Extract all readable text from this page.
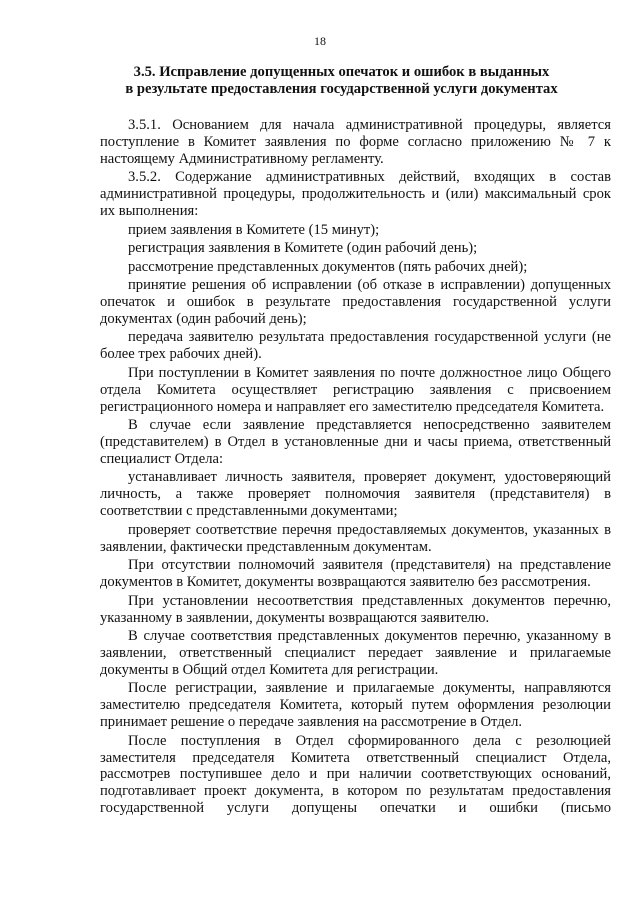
18
3.5. Исправление допущенных опечаток и ошибок в выданных
в результате предоставления государственной услуги документах

3.5.1. Основанием для начала административной процедуры, является поступление в Комитет заявления по форме согласно приложению № 7 к настоящему Административному регламенту.

3.5.2. Содержание административных действий, входящих в состав административной процедуры, продолжительность и (или) максимальный срок их выполнения:

прием заявления в Комитете (15 минут);

регистрация заявления в Комитете (один рабочий день);

рассмотрение представленных документов (пять рабочих дней);

принятие решения об исправлении (об отказе в исправлении) допущенных опечаток и ошибок в результате предоставления государственной услуги документах (один рабочий день);

передача заявителю результата предоставления государственной услуги (не более трех рабочих дней).

При поступлении в Комитет заявления по почте должностное лицо Общего отдела Комитета осуществляет регистрацию заявления с присвоением регистрационного номера и направляет его заместителю председателя Комитета.

В случае если заявление представляется непосредственно заявителем (представителем) в Отдел в установленные дни и часы приема, ответственный специалист Отдела:

устанавливает личность заявителя, проверяет документ, удостоверяющий личность, а также проверяет полномочия заявителя (представителя) в соответствии с представленными документами;

проверяет соответствие перечня предоставляемых документов, указанных в заявлении, фактически представленным документам.

При отсутствии полномочий заявителя (представителя) на представление документов в Комитет, документы возвращаются заявителю без рассмотрения.

При установлении несоответствия представленных документов перечню, указанному в заявлении, документы возвращаются заявителю.

В случае соответствия представленных документов перечню, указанному в заявлении, ответственный специалист передает заявление и прилагаемые документы в Общий отдел Комитета для регистрации.

После регистрации, заявление и прилагаемые документы, направляются заместителю председателя Комитета, который путем оформления резолюции принимает решение о передаче заявления на рассмотрение в Отдел.

После поступления в Отдел сформированного дела с резолюцией заместителя председателя Комитета ответственный специалист Отдела, рассмотрев поступившее дело и при наличии соответствующих оснований, подготавливает проект документа, в котором по результатам предоставления государственной услуги допущены опечатки и ошибки (письмо
